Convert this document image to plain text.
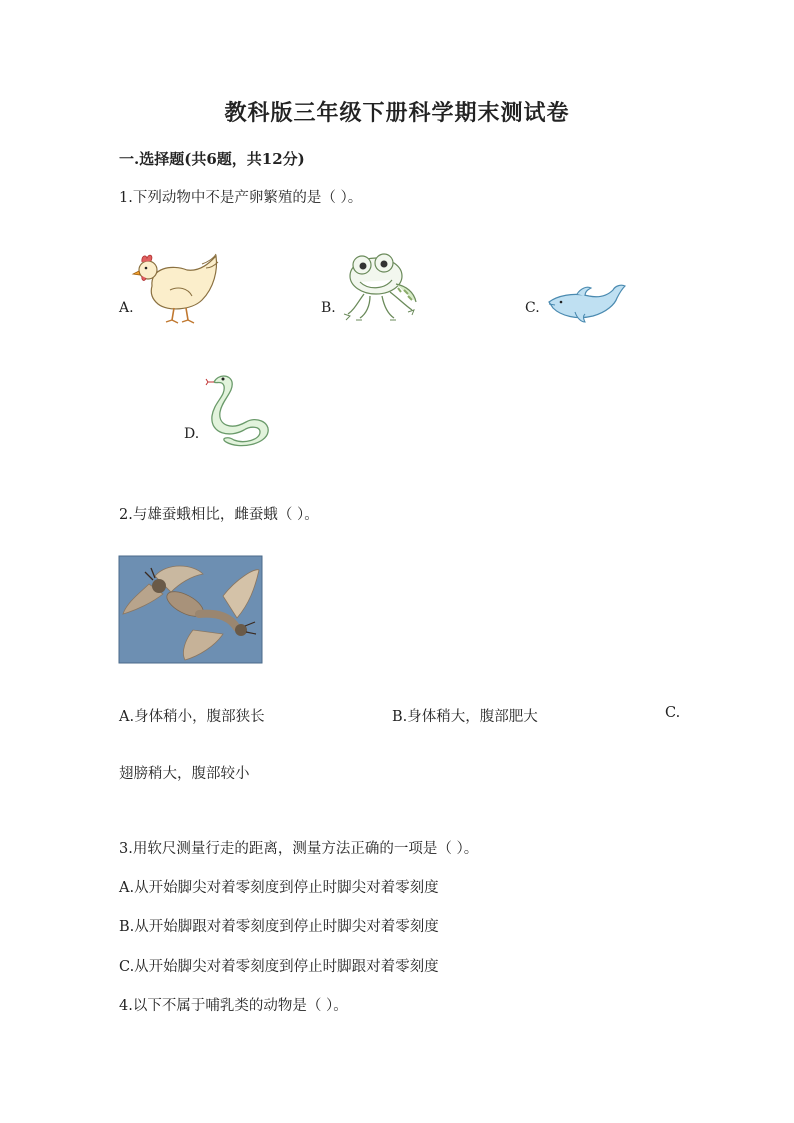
教科版三年级下册科学期末测试卷
一.选择题(共6题，共12分)
1.下列动物中不是产卵繁殖的是（ ）。
A.	B.	C.
D.
2.与雄蚕蛾相比，雌蚕蛾（ ）。
A.身体稍小，腹部狭长	B.身体稍大，腹部肥大	C.
翅膀稍大，腹部较小
3.用软尺测量行走的距离，测量方法正确的一项是（ ）。
A.从开始脚尖对着零刻度到停止时脚尖对着零刻度
B.从开始脚跟对着零刻度到停止时脚尖对着零刻度
C.从开始脚尖对着零刻度到停止时脚跟对着零刻度
4.以下不属于哺乳类的动物是（ ）。
